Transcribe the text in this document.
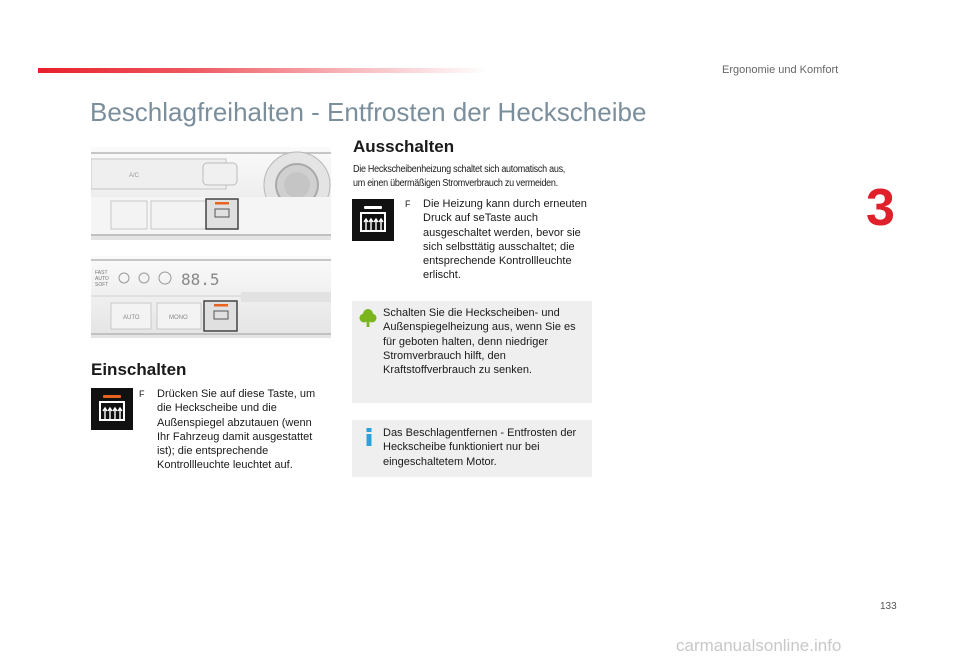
Ergonomie und Komfort
3
Beschlagfreihalten - Entfrosten der Heckscheibe
A/C
FAST
AUTO
SOFT	88.5
AUTO	MONO
Einschalten
F Drücken Sie auf diese Taste, um die Heckscheibe und die Außenspiegel abzutauen (wenn Ihr Fahrzeug damit ausgestattet ist); die entsprechende Kontrollleuchte leuchtet auf.
Ausschalten

Die Heckscheibenheizung schaltet sich automatisch aus, um einen übermäßigen Stromverbrauch zu vermeiden.

F Die Heizung kann durch erneuten Druck auf seTaste auch ausgeschaltet werden, bevor sie sich selbsttätig ausschaltet; die entsprechende Kontrollleuchte erlischt.
Schalten Sie die Heckscheiben- und Außenspiegelheizung aus, wenn Sie es für geboten halten, denn niedriger Stromverbrauch hilft, den Kraftstoffverbrauch zu senken.
Das Beschlagentfernen - Entfrosten der Heckscheibe funktioniert nur bei eingeschaltetem Motor.
133
carmanualsonline.info
